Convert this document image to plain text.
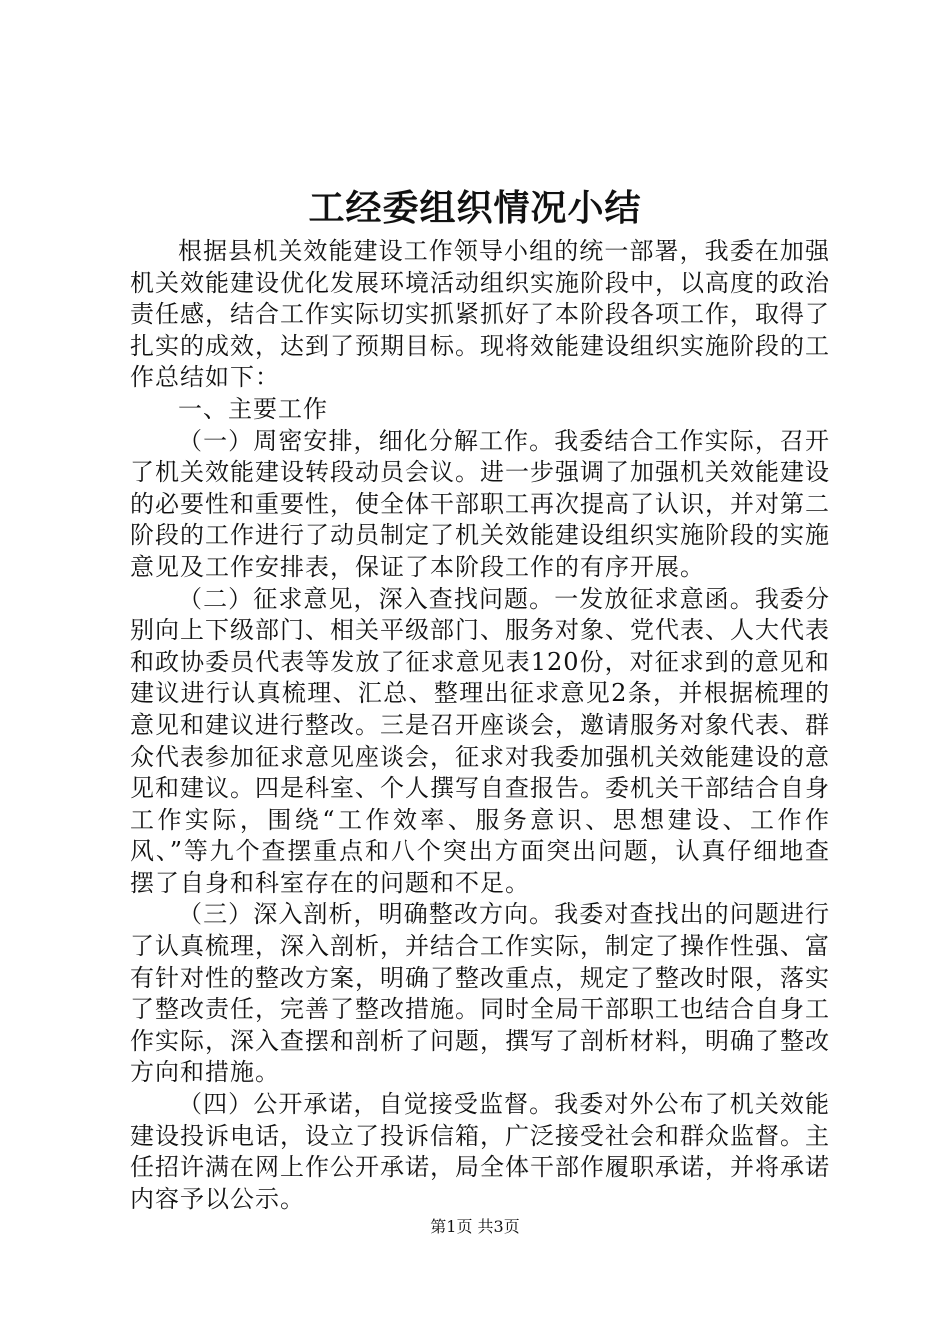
工经委组织情况小结

根据县机关效能建设工作领导小组的统一部署，我委在加强机关效能建设优化发展环境活动组织实施阶段中，以高度的政治责任感，结合工作实际切实抓紧抓好了本阶段各项工作，取得了扎实的成效，达到了预期目标。现将效能建设组织实施阶段的工作总结如下：

一、主要工作

（一）周密安排，细化分解工作。我委结合工作实际，召开了机关效能建设转段动员会议。进一步强调了加强机关效能建设的必要性和重要性，使全体干部职工再次提高了认识，并对第二阶段的工作进行了动员制定了机关效能建设组织实施阶段的实施意见及工作安排表，保证了本阶段工作的有序开展。

（二）征求意见，深入查找问题。一发放征求意函。我委分别向上下级部门、相关平级部门、服务对象、党代表、人大代表和政协委员代表等发放了征求意见表120份，对征求到的意见和建议进行认真梳理、汇总、整理出征求意见2条，并根据梳理的意见和建议进行整改。三是召开座谈会，邀请服务对象代表、群众代表参加征求意见座谈会，征求对我委加强机关效能建设的意见和建议。四是科室、个人撰写自查报告。委机关干部结合自身工作实际，围绕“工作效率、服务意识、思想建设、工作作风、”等九个查摆重点和八个突出方面突出问题，认真仔细地查摆了自身和科室存在的问题和不足。

（三）深入剖析，明确整改方向。我委对查找出的问题进行了认真梳理，深入剖析，并结合工作实际，制定了操作性强、富有针对性的整改方案，明确了整改重点，规定了整改时限，落实了整改责任，完善了整改措施。同时全局干部职工也结合自身工作实际，深入查摆和剖析了问题，撰写了剖析材料，明确了整改方向和措施。

（四）公开承诺，自觉接受监督。我委对外公布了机关效能建设投诉电话，设立了投诉信箱，广泛接受社会和群众监督。主任招许满在网上作公开承诺，局全体干部作履职承诺，并将承诺内容予以公示。

第1页 共3页
